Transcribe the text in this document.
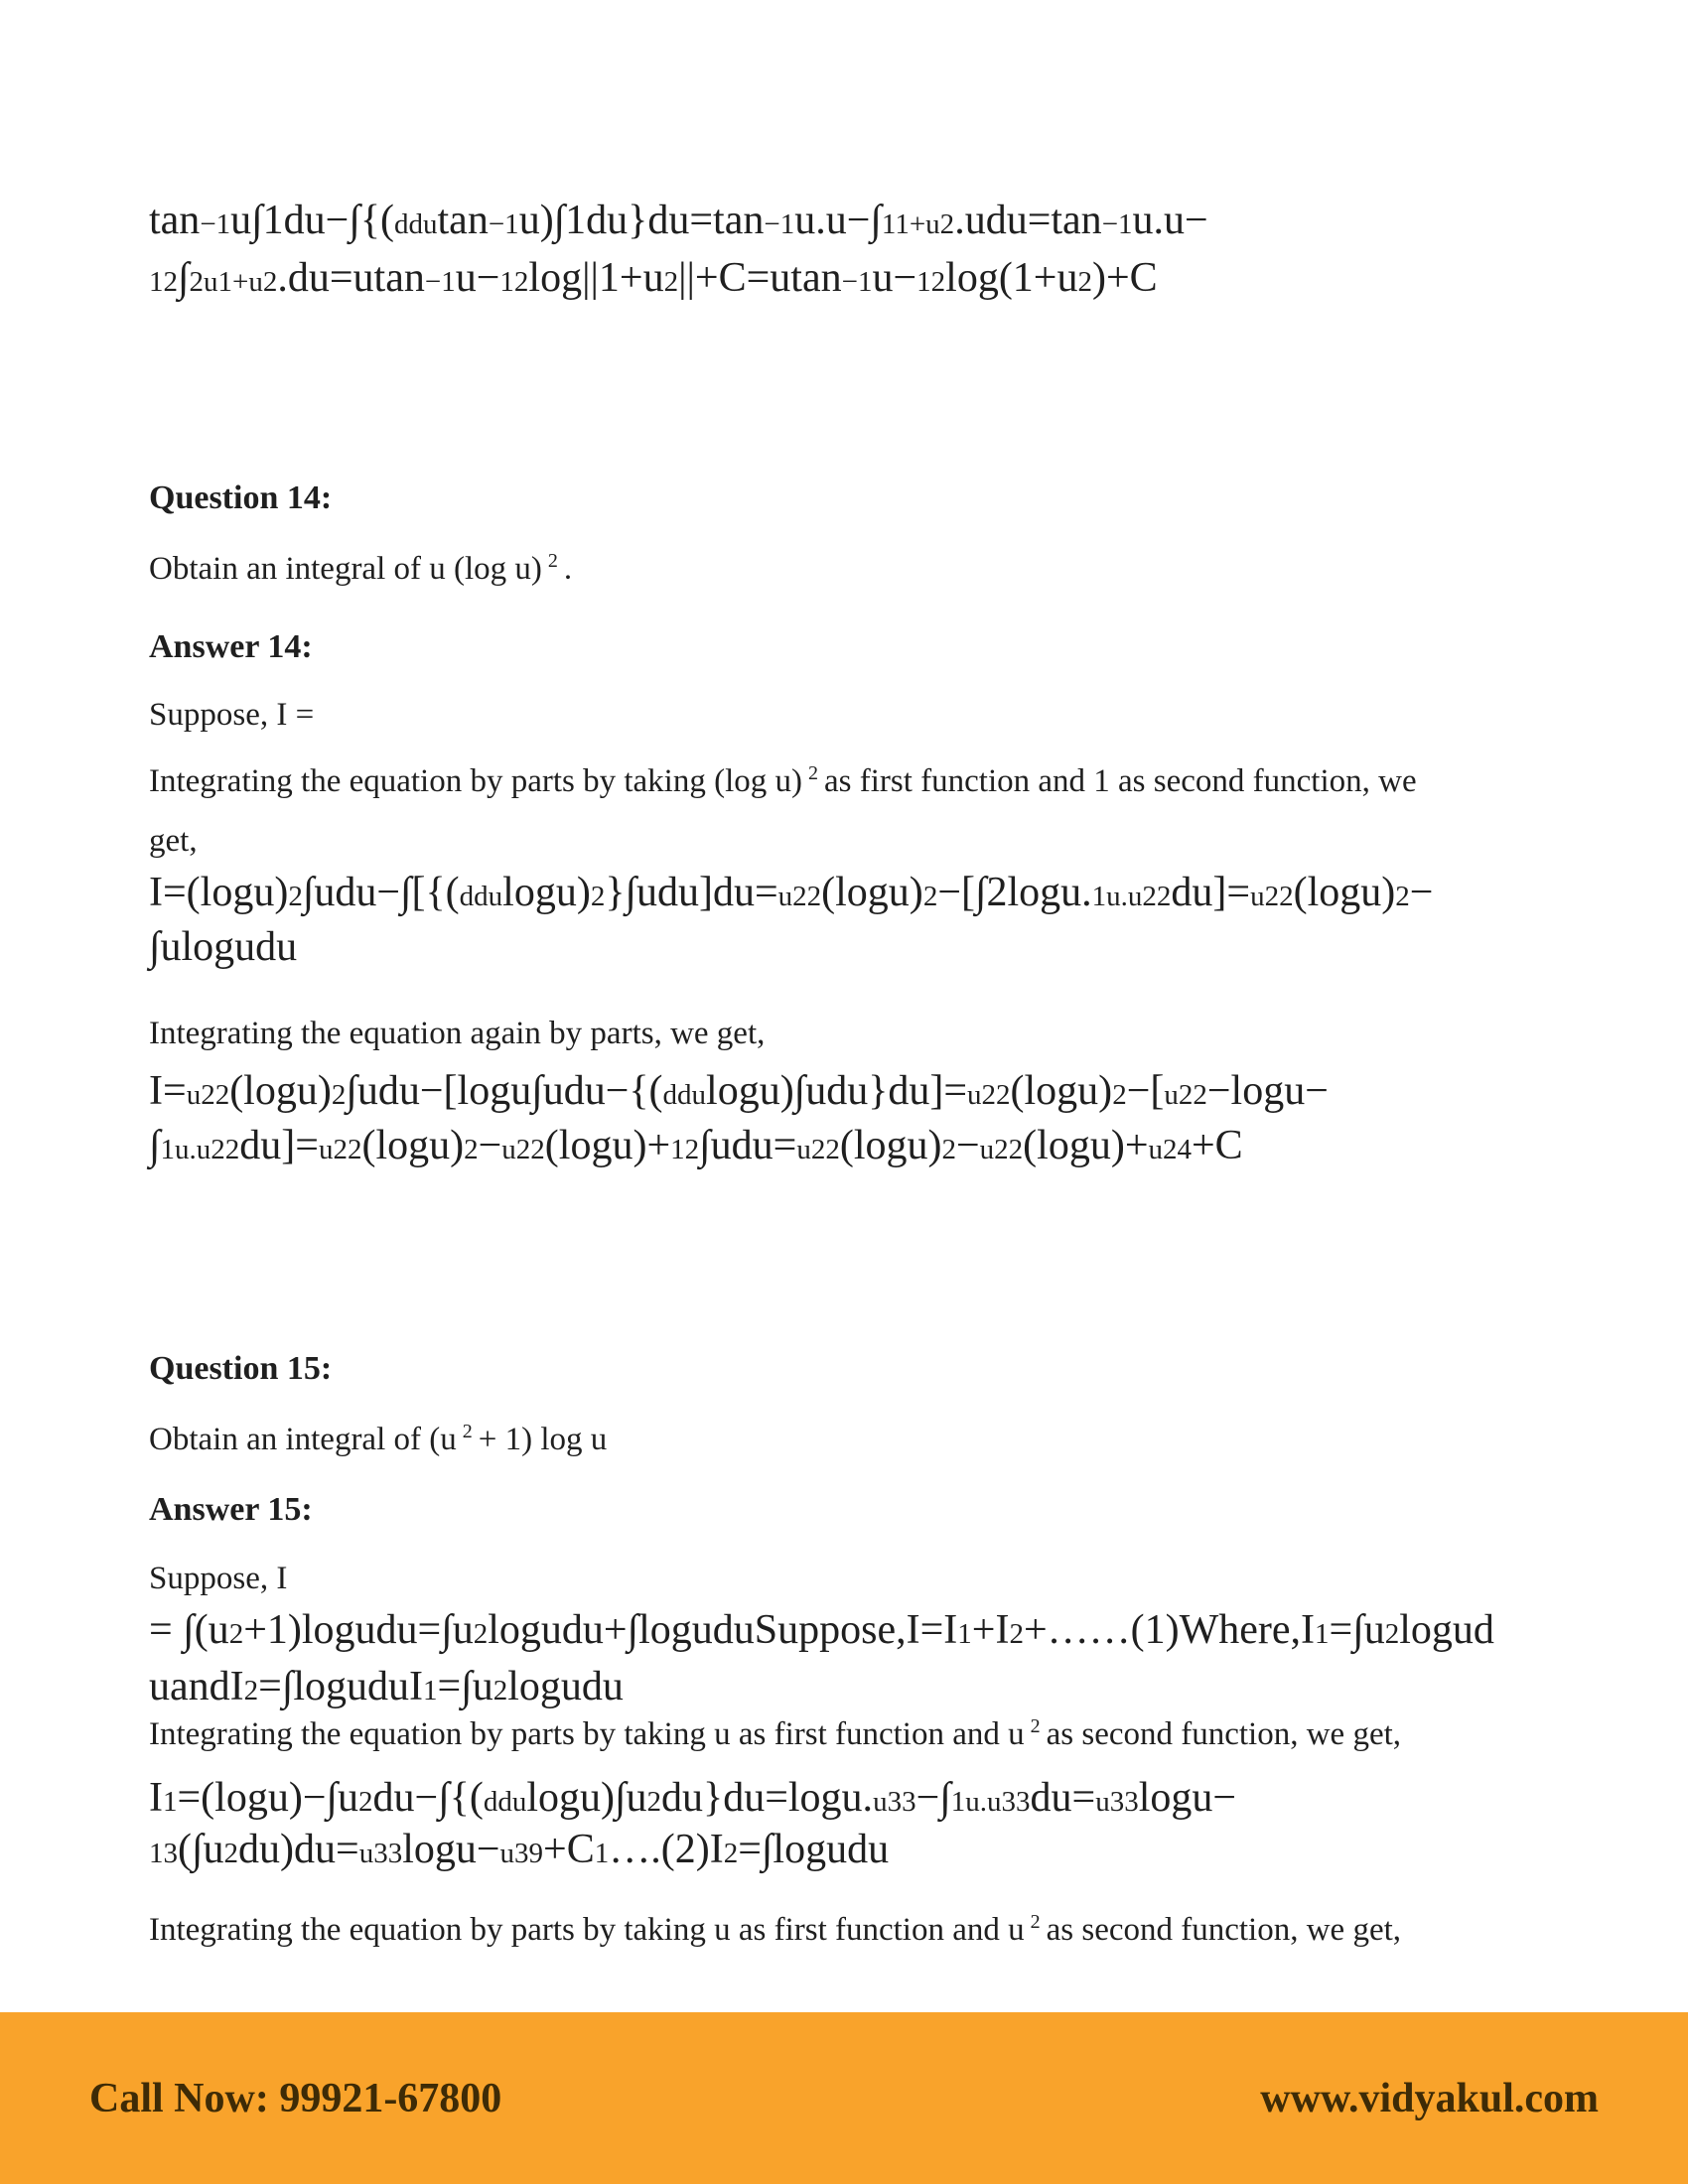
tan−1u∫1du−∫{(ddutan−1u)∫1du}du=tan−1u.u−∫11+u2.udu=tan−1u.u−
12∫2u1+u2.du=utan−1u−12log||1+u2||+C=utan−1u−12log(1+u2)+C
Question 14:
Obtain an integral of u (log u) $^2$ .
Answer 14:
Suppose, I =
Integrating the equation by parts by taking (log u) $^2$ as first function and 1 as second function, we
get,
I=(logu)2∫udu−∫[{(ddulogu)2}∫udu]du=u22(logu)2−[∫2logu.1u.u22du]=u22(logu)2−
∫ulogudu
Integrating the equation again by parts, we get,
I=u22(logu)2∫udu−[logu∫udu−{(ddulogu)∫udu}du]=u22(logu)2−[u22−logu−
∫1u.u22du]=u22(logu)2−u22(logu)+12∫udu=u22(logu)2−u22(logu)+u24+C
Question 15:
Obtain an integral of (u $^2$ + 1) log u
Answer 15:
Suppose, I
= ∫(u2+1)logudu=∫u2logudu+∫loguduSuppose,I=I1+I2+……(1)Where,I1=∫u2logud
uandI2=∫loguduI1=∫u2logudu
Integrating the equation by parts by taking u as first function and u $^2$ as second function, we get,
I1=(logu)−∫u2du−∫{(ddulogu)∫u2du}du=logu.u33−∫1u.u33du=u33logu−
13(∫u2du)du=u33logu−u39+C1….(2)I2=∫logudu
Integrating the equation by parts by taking u as first function and u $^2$ as second function, we get,
Call Now: 99921-67800	www.vidyakul.com
